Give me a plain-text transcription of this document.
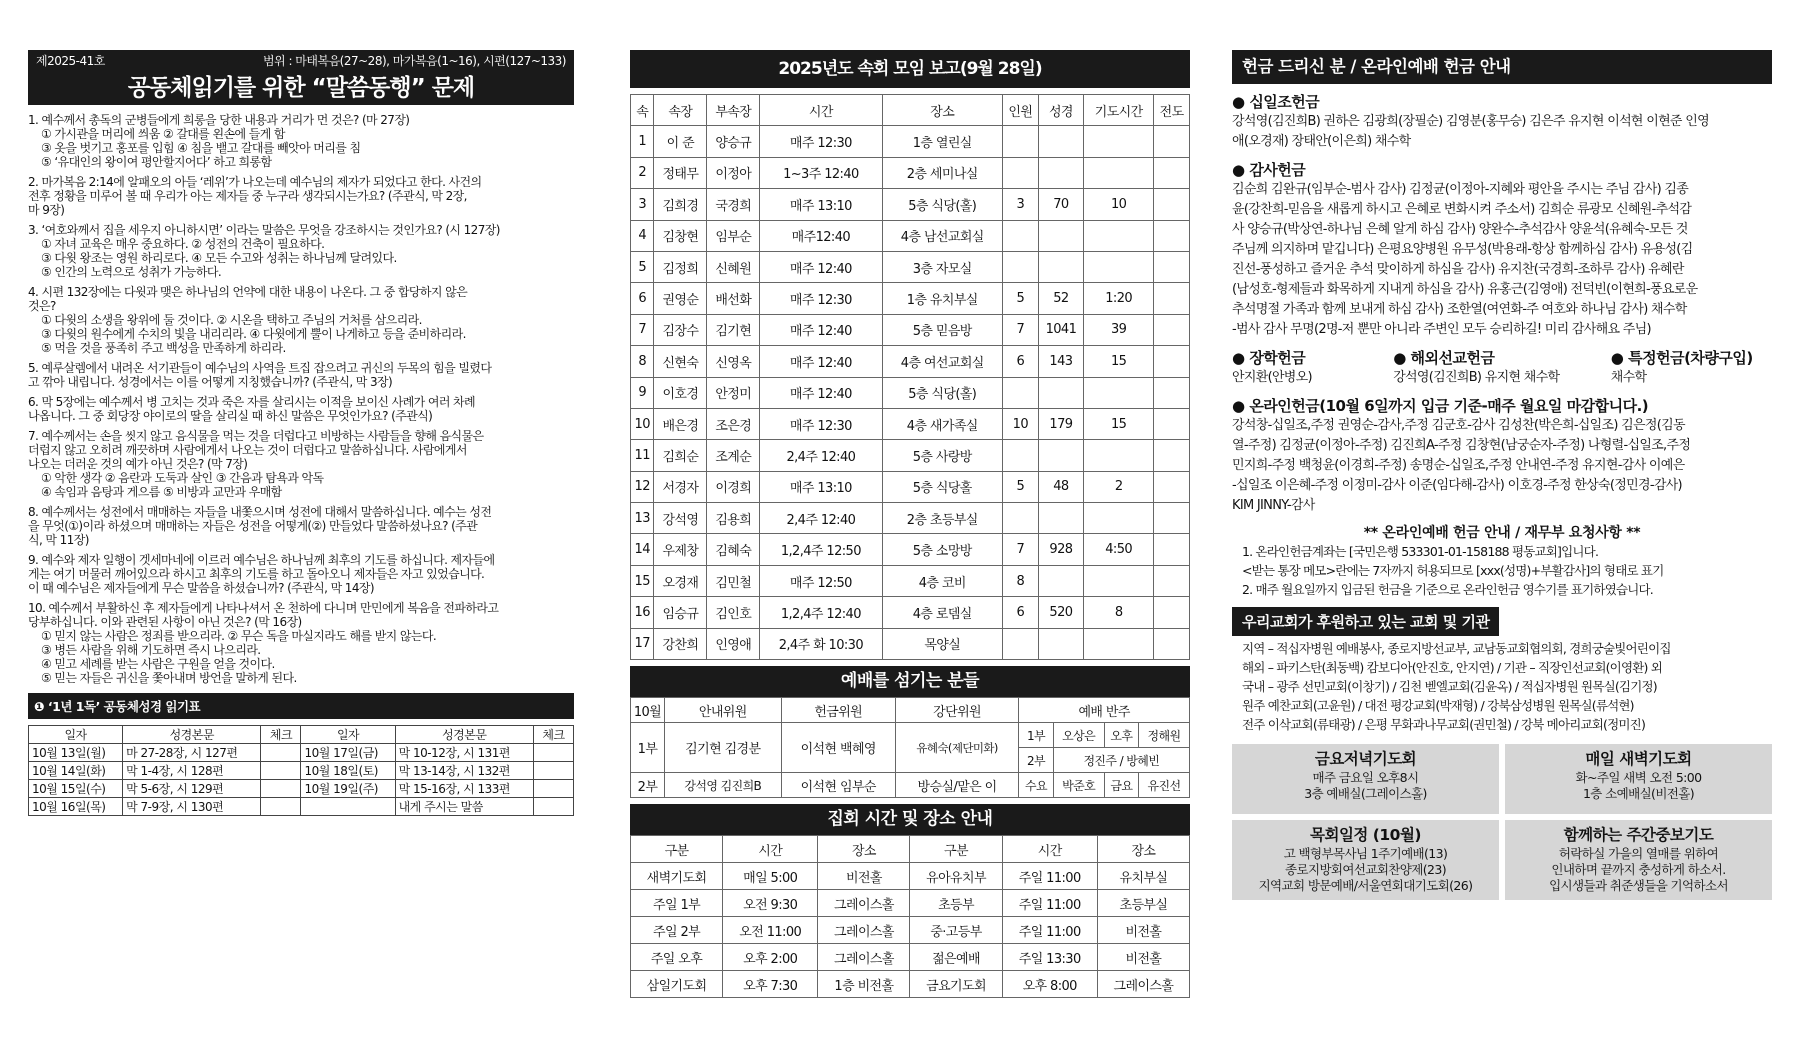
제2025-41호	범위 : 마태복음(27~28), 마가복음(1~16), 시편(127~133)
공동체읽기를 위한 “말씀동행” 문제
1. 예수께서 총독의 군병들에게 희롱을 당한 내용과 거리가 먼 것은? (마 27장)
① 가시관을 머리에 씌움 ② 갈대를 왼손에 들게 함
③ 옷을 벗기고 홍포를 입힘 ④ 침을 뱉고 갈대를 빼앗아 머리를 침
⑤ ‘유대인의 왕이여 평안할지어다’ 하고 희롱함
2. 마가복음 2:14에 알패오의 아들 ‘레위’가 나오는데 예수님의 제자가 되었다고 한다. 사건의
전후 정황을 미루어 볼 때 우리가 아는 제자들 중 누구라 생각되시는가요? (주관식, 막 2장,
마 9장)
3. ‘여호와께서 집을 세우지 아니하시면’ 이라는 말씀은 무엇을 강조하시는 것인가요? (시 127장)
① 자녀 교육은 매우 중요하다. ② 성전의 건축이 필요하다.
③ 다윗 왕조는 영원 하리로다. ④ 모든 수고와 성취는 하나님께 달려있다.
⑤ 인간의 노력으로 성취가 가능하다.
4. 시편 132장에는 다윗과 맺은 하나님의 언약에 대한 내용이 나온다. 그 중 합당하지 않은
것은?
① 다윗의 소생을 왕위에 둘 것이다. ② 시온을 택하고 주님의 거처를 삼으리라.
③ 다윗의 원수에게 수치의 빛을 내리리라. ④ 다윗에게 뿔이 나게하고 등을 준비하리라.
⑤ 먹을 것을 풍족히 주고 백성을 만족하게 하리라.
5. 예루살렘에서 내려온 서기관들이 예수님의 사역을 트집 잡으려고 귀신의 두목의 힘을 빌렸다
고 깎아 내립니다. 성경에서는 이를 어떻게 지칭했습니까? (주관식, 막 3장)
6. 막 5장에는 예수께서 병 고치는 것과 죽은 자를 살리시는 이적을 보이신 사례가 여러 차례
나옵니다. 그 중 회당장 야이로의 딸을 살리실 때 하신 말씀은 무엇인가요? (주관식)
7. 예수께서는 손을 씻지 않고 음식물을 먹는 것을 더럽다고 비방하는 사람들을 향해 음식물은
더럽지 않고 오히려 깨끗하며 사람에게서 나오는 것이 더럽다고 말씀하십니다. 사람에게서
나오는 더러운 것의 예가 아닌 것은? (막 7장)
① 악한 생각 ② 음란과 도둑과 살인 ③ 간음과 탐욕과 악독
④ 속임과 음탕과 게으름 ⑤ 비방과 교만과 우매함
8. 예수께서는 성전에서 매매하는 자들을 내쫓으시며 성전에 대해서 말씀하십니다. 예수는 성전
을 무엇(①)이라 하셨으며 매매하는 자들은 성전을 어떻게(②) 만들었다 말씀하셨나요? (주관
식, 막 11장)
9. 예수와 제자 일행이 겟세마네에 이르러 예수님은 하나님께 최후의 기도를 하십니다. 제자들에
게는 여기 머물러 깨어있으라 하시고 최후의 기도를 하고 돌아오니 제자들은 자고 있었습니다.
이 때 예수님은 제자들에게 무슨 말씀을 하셨습니까? (주관식, 막 14장)
10. 예수께서 부활하신 후 제자들에게 나타나셔서 온 천하에 다니며 만민에게 복음을 전파하라고
당부하십니다. 이와 관련된 사항이 아닌 것은? (막 16장)
① 믿지 않는 사람은 정죄를 받으리라. ② 무슨 독을 마실지라도 해를 받지 않는다.
③ 병든 사람을 위해 기도하면 즉시 나으리라.
④ 믿고 세례를 받는 사람은 구원을 얻을 것이다.
⑤ 믿는 자들은 귀신을 쫓아내며 방언을 말하게 된다.
❶ ‘1년 1독’ 공동체성경 읽기표
일자	성경본문	체크	일자	성경본문	체크
10월 13일(월)	마 27-28장, 시 127편		10월 17일(금)	막 10-12장, 시 131편	
10월 14일(화)	막 1-4장, 시 128편		10월 18일(토)	막 13-14장, 시 132편	
10월 15일(수)	막 5-6장, 시 129편		10월 19일(주)	막 15-16장, 시 133편	
10월 16일(목)	막 7-9장, 시 130편			내게 주시는 말씀	
2025년도 속회 모임 보고(9월 28일)
속	속장	부속장	시간	장소	인원	성경	기도시간	전도
1	이 준	양승규	매주 12:30	1층 열린실				
2	정태무	이정아	1~3주 12:40	2층 세미나실				
3	김희경	국경희	매주 13:10	5층 식당(홀)	3	70	10	
4	김창현	임부순	매주12:40	4층 남선교회실				
5	김정희	신혜원	매주 12:40	3층 자모실				
6	권영순	배선화	매주 12:30	1층 유치부실	5	52	1:20	
7	김장수	김기현	매주 12:40	5층 믿음방	7	1041	39	
8	신현숙	신영옥	매주 12:40	4층 여선교회실	6	143	15	
9	이호경	안정미	매주 12:40	5층 식당(홀)				
10	배은경	조은경	매주 12:30	4층 새가족실	10	179	15	
11	김희순	조계순	2,4주 12:40	5층 사랑방				
12	서경자	이경희	매주 13:10	5층 식당홀	5	48	2	
13	강석영	김용희	2,4주 12:40	2층 초등부실				
14	우제창	김혜숙	1,2,4주 12:50	5층 소망방	7	928	4:50	
15	오경재	김민철	매주 12:50	4층 코비	8			
16	임승규	김인호	1,2,4주 12:40	4층 로뎀실	6	520	8	
17	강찬희	인영애	2,4주 화 10:30	목양실				
예배를 섬기는 분들
10월	안내위원	헌금위원	강단위원	예배 반주			
1부	김기현 김경분	이석현 백혜영	유혜숙(제단미화)	1부	오상은	오후	정해원
				2부	정진주 / 방혜빈		
2부	강석영 김진희B	이석현 임부순	방승실/맡은 이	수요	박준호	금요	유진선
집회 시간 및 장소 안내
구분	시간	장소	구분	시간	장소
새벽기도회	매일 5:00	비전홀	유아유치부	주일 11:00	유치부실
주일 1부	오전 9:30	그레이스홀	초등부	주일 11:00	초등부실
주일 2부	오전 11:00	그레이스홀	중·고등부	주일 11:00	비전홀
주일 오후	오후 2:00	그레이스홀	젊은예배	주일 13:30	비전홀
삼일기도회	오후 7:30	1층 비전홀	금요기도회	오후 8:00	그레이스홀
헌금 드리신 분 / 온라인예배 헌금 안내
● 십일조헌금
강석영(김진희B) 권하은 김광희(장필순) 김영분(홍무승) 김은주 유지현 이석현 이현준 인영
애(오경재) 장태안(이은희) 채수학
● 감사헌금
김순희 김완규(임부순-범사 감사) 김정균(이정아-지혜와 평안을 주시는 주님 감사) 김종
윤(강찬희-믿음을 새롭게 하시고 은혜로 변화시켜 주소서) 김희순 류광모 신혜원-추석감
사 양승규(박상연-하나님 은혜 알게 하심 감사) 양완수-추석감사 양윤석(유혜숙-모든 것
주님께 의지하며 맡깁니다) 은평요양병원 유무성(박용래-항상 함께하심 감사) 유용성(김
진선-풍성하고 즐거운 추석 맞이하게 하심을 감사) 유지찬(국경희-조하루 감사) 유혜란
(남성호-형제들과 화목하게 지내게 하심을 감사) 유홍근(김영애) 전덕빈(이현희-풍요로운
추석명절 가족과 함께 보내게 하심 감사) 조한열(여연화-주 여호와 하나님 감사) 채수학
-범사 감사 무명(2명-저 뿐만 아니라 주변인 모두 승리하길! 미리 감사해요 주님)
● 장학헌금
안지환(안병오)
● 해외선교헌금
강석영(김진희B) 유지현 채수학
● 특정헌금(차량구입)
채수학
● 온라인헌금(10월 6일까지 입금 기준-매주 월요일 마감합니다.)
강석창-십일조,주정 권영순-감사,주정 김군호-감사 김성찬(박은희-십일조) 김은정(김동
열-주정) 김정균(이정아-주정) 김진희A-주정 김창현(남궁순자-주정) 나형렬-십일조,주정
민지희-주정 백청윤(이경희-주정) 송명순-십일조,주정 안내연-주정 유지현-감사 이예은
-십일조 이은혜-주정 이정미-감사 이준(임다해-감사) 이호경-주정 한상숙(정민경-감사)
KIM JINNY-감사
** 온라인예배 헌금 안내 / 재무부 요청사항 **
1. 온라인헌금계좌는 [국민은행 533301-01-158188 평동교회]입니다.
<받는 통장 메모>란에는 7자까지 허용되므로 [xxx(성명)+부활감사]의 형태로 표기
2. 매주 월요일까지 입금된 헌금을 기준으로 온라인헌금 영수기를 표기하였습니다.
우리교회가 후원하고 있는 교회 및 기관
지역 – 적십자병원 예배봉사, 종로지방선교부, 교남동교회협의회, 경희궁술빛어린이집
해외 – 파키스탄(최동백) 캄보디아(안진호, 안지연) / 기관 – 직장인선교회(이영환) 외
국내 – 광주 선민교회(이창기) / 김천 벧엘교회(김윤옥) / 적십자병원 원목실(김기정)
원주 예찬교회(고윤원) / 대전 평강교회(박재형) / 강북삼성병원 원목실(류석현)
전주 이삭교회(류태광) / 은평 무화과나무교회(권민철) / 강북 메아리교회(정미진)
금요저녁기도회
매주 금요일 오후8시
3층 예배실(그레이스홀)
매일 새벽기도회
화~주일 새벽 오전 5:00
1층 소예배실(비전홀)
목회일정 (10월)
고 백형부목사님 1주기예배(13)
종로지방회여선교회찬양제(23)
지역교회 방문예배/서울연회대기도회(26)
함께하는 주간중보기도
허락하실 가을의 열매를 위하여
인내하며 끝까지 충성하게 하소서.
입시생들과 취준생들을 기억하소서
